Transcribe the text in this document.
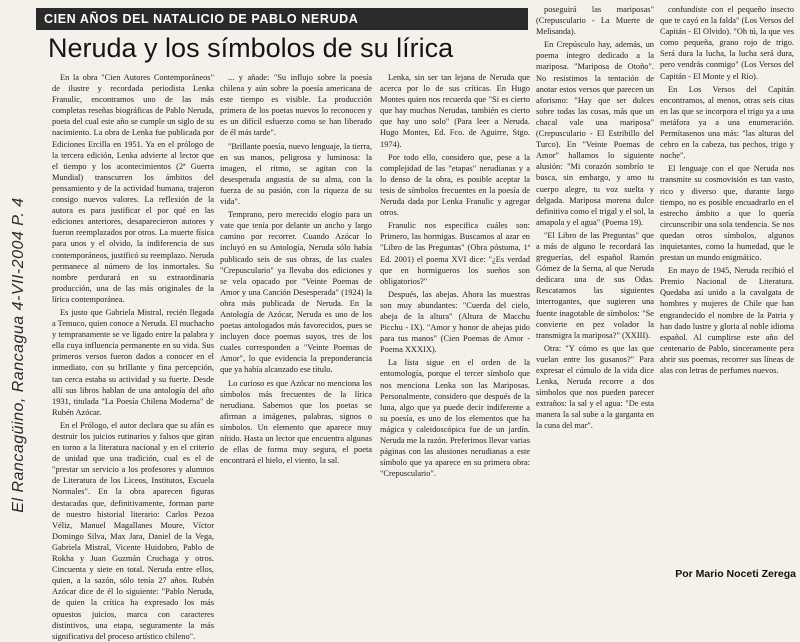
CIEN AÑOS DEL NATALICIO DE PABLO NERUDA
Neruda y los símbolos de su lírica
El Rancagüino, Rancagua 4-VII-2004 P. 4

En la obra "Cien Autores Contemporáneos" de ilustre y recordada periodista Lenka Franulic, encontramos uno de las más completas reseñas biográficas de Pablo Neruda, poeta del cual este año se cumple un siglo de su nacimiento. La obra de Lenka fue publicada por Ediciones Ercilla en 1951. Ya en el prólogo de la tercera edición, Lenka advierte al lector que el tiempo y los acontecimientos (2ª Guerra Mundial) transcurren los ámbitos del pensamiento y de la actividad humana, trajeron consigo nuevos valores. La reflexión de la autora es para justificar el por qué en las ediciones anteriores, desaparecieron autores y fueron reemplazados por otros. La muerte física para unos y el olvido, la indiferencia de sus contemporáneos, justificó su reemplazo. Neruda permanece al número de los inmortales. Su nombre perdurará en su extraordinaria producción, una de las más originales de la lírica contemporánea.

Es justo que Gabriela Mistral, recién llegada a Temuco, quien conoce a Neruda. El muchacho y tempranamente se ve ligado entre la palabra y ella cuya influencia permanente en su vida. Sus primeros versos fueron dados a conocer en el inmediato, con su brillante y fina percepción, tan cerca estaba su actividad y su fuerte. Desde allí sus libros hablan de una antología del año 1931, titulada "La Poesía Chilena Moderna" de Rubén Azócar.

En el Prólogo, el autor declara que su afán es destruir los juicios rutinarios y falsos que giran en torno a la literatura nacional y en el criterio de unidad que una tradición, cual es el de "prestar un servicio a los profesores y alumnos de Literatura de los Liceos, Institutos, Escuela Normales". En la obra aparecen figuras destacadas que, definitivamente, forman parte de nuestro historial literario: Carlos Pezoa Véliz, Manuel Magallanes Moure, Víctor Domingo Silva, Max Jara, Daniel de la Vega, Gabriela Mistral, Vicente Huidobro, Pablo de Rokha y Juan Guzmán Cruchaga y otros. Cincuenta y siete en total. Neruda entre ellos, quien, a la sazón, sólo tenía 27 años. Rubén Azócar dice de él lo siguiente: "Pablo Neruda, de quien la crítica ha expresado los más opuestos juicios, marca con caracteres distintivos, una etapa, seguramente la más significativa del proceso artístico chileno".

... y añade: "Su influjo sobre la poesía chilena y aún sobre la poesía americana de este tiempo es visible. La producción primera de los poetas nuevos lo reconocen y es un difícil esfuerzo como se han liberado de él más tarde".

"Brillante poesía, nuevo lenguaje, la tierra, en sus manos, peligrosa y luminosa: la imagen, el ritmo, se agitan con la desesperada angustia de su alma, con la fuerza de su pasión, con la riqueza de su vida".

Temprano, pero merecido elogio para un vate que tenía por delante un ancho y largo camino por recorrer. Cuando Azócar lo incluyó en su Antología, Neruda sólo había publicado seis de sus obras, de las cuales "Crepusculario" ya llevaba dos ediciones y se vela opacado por "Veinte Poemas de Amor y una Canción Desesperada" (1924) la obra más publicada de Neruda. En la Antología de Azócar, Neruda es uno de los poetas antologados más favorecidos, pues se incluyen doce poemas suyos, tres de los cuales corresponden a "Veinte Poemas de Amor", lo que evidencia la preponderancia que ya había alcanzado ese título.

Lo curioso es que Azócar no menciona los símbolos más frecuentes de la lírica nerudiana. Sabemos que los poetas se afirman a imágenes, palabras, signos o símbolos. Un elemento que aparece muy nítido. Hasta un lector que encuentra algunas de ellas de forma muy segura, el poeta encontrará el hielo, el viento, la sal.

Lenka, sin ser tan lejana de Neruda que acerca por lo de sus críticas. En Hugo Montes quien nos recuerda que "Si es cierto que hay muchos Nerudas, también es cierto que hay uno solo" (Para leer a Neruda. Hugo Montes, Ed. Fco. de Aguirre, Stgo. 1974).

Por todo ello, considero que, pese a la complejidad de las "etapas" nerudianas y a lo denso de la obra, es posible aceptar la tesis de símbolos frecuentes en la poesía de Neruda dada por Lenka Franulic y agregar otros.

Franulic nos especifica cuáles son: Primero, las hormigas. Buscamos al azar en "Libro de las Preguntas" (Obra póstuma, 1ª Ed. 2001) el poema XVI dice: "¿Es verdad que en hormigueros los sueños son obligatorios?"

Después, las abejas. Ahora las muestras son muy abundantes: "Cuerda del cielo, abeja de la altura" (Altura de Macchu Picchu - IX). "Amor y honor de abejas pido para tus manos" (Cien Poemas de Amor - Poema XXXIX).

La lista sigue en el orden de la entomología, porque el tercer símbolo que nos menciona Lenka son las Mariposas. Personalmente, considero que después de la luna, algo que ya puede decir indiferente a su poesía, es uno de los elementos que ha mágica y caleidoscópica fue de un jardín. Neruda me la razón. Preferimos llevar varias páginas con las alusiones nerudianas a este símbolo que ya aparece en su primera obra: "Crepusculario".

poseguirá las mariposas" (Crepusculario - La Muerte de Melisanda).

En Crepúsculo hay, además, un poema íntegro dedicado a la mariposa. "Mariposa de Otoño". No resistimos la tentación de anotar estos versos que parecen un aforismo: "Hay que ser dulces sobre todas las cosas, más que un chacal vale una mariposa" (Crepusculario - El Estribillo del Turco). En "Veinte Poemas de Amor" hallamos lo siguiente alusión: "Mi corazón sombrío te busca, sin embargo, y amo tu cuerpo alegre, tu voz suelta y delgada. Mariposa morena dulce definitiva como el trigal y el sol, la amapola y el agua" (Poema 19).

"El Libro de las Preguntas" que a más de alguno le recordará las greguerías, del español Ramón Gómez de la Serna, al que Neruda dedicara una de sus Odas. Rescatamos las siguientes interrogantes, que sugieren una fuente inagotable de símbolos: "Se convierte en pez volador la transmigra la mariposa?" (XXIII).

Otra: "Y cómo es que las que vuelan entre los gusanos?" Para expresar el cúmulo de la vida dice Lenka, Neruda recorre a dos símbolos que nos pueden parecer extraños: la sal y el agua: "De esta manera la sal sube a la garganta en la cuna del mar".

confundiste con el pequeño insecto que te cayó en la falda" (Los Versos del Capitán - El Olvido). "Oh tú, la que ves como pequeña, grano rojo de trigo. Será dura la lucha, la lucha será dura, pero vendrás conmigo" (Los Versos del Capitán - El Monte y el Río).

En Los Versos del Capitán encontramos, al menos, otras seis citas en las que se incorpora el trigo ya a una metáfora ya a una enumeración. Permítasenos una más: "las alturas del cebro en la cabeza, tus pechos, trigo y noche".

El lenguaje con el que Neruda nos transmite su cosmovisión es tan vasto, rico y diverso que, durante largo tiempo, no es posible encuadrarlo en el estrecho ámbito a que lo quería circunscribir una sola tendencia. Se nos quedan otros símbolos, algunos inquietantes, como la humedad, que le prestan un mundo enigmático.

En mayo de 1945, Neruda recibió el Premio Nacional de Literatura. Quedaba así unido a la cavalgata de hombres y mujeres de Chile que han engrandecido el nombre de la Patria y han dado lustre y gloria al noble idioma español. Al cumplirse este año del centenario de Pablo, sinceramente pera abrir sus poemas, recorrer sus líneas de alas con letras de perfumes nuevos.

Por Mario Noceti Zerega
